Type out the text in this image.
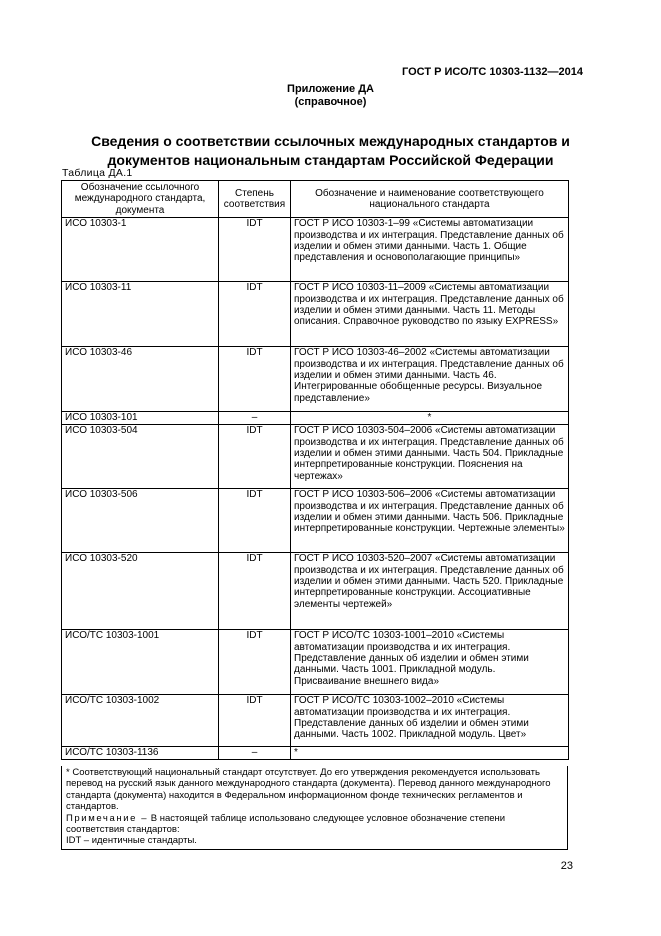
ГОСТ Р ИСО/ТС 10303-1132—2014
Приложение ДА
(справочное)
Сведения о соответствии ссылочных международных стандартов и
документов национальным стандартам Российской Федерации
Таблица ДА.1
Обозначение ссылочного международного стандарта, документа	Степень соответствия	Обозначение и наименование соответствующего национального стандарта
ИСО 10303-1	IDT	ГОСТ Р ИСО 10303-1–99 «Системы автоматизации производства и их интеграция. Представление данных об изделии и обмен этими данными. Часть 1. Общие представления и основополагающие принципы»
ИСО 10303-11	IDT	ГОСТ Р ИСО 10303-11–2009 «Системы автоматизации производства и их интеграция. Представление данных об изделии и обмен этими данными. Часть 11. Методы описания. Справочное руководство по языку EXPRESS»
ИСО 10303-46	IDT	ГОСТ Р ИСО 10303-46–2002 «Системы автоматизации производства и их интеграция. Представление данных об изделии и обмен этими данными. Часть 46. Интегрированные обобщенные ресурсы. Визуальное представление»
ИСО 10303-101	–	*
ИСО 10303-504	IDT	ГОСТ Р ИСО 10303-504–2006 «Системы автоматизации производства и их интеграция. Представление данных об изделии и обмен этими данными. Часть 504. Прикладные интерпретированные конструкции. Пояснения на чертежах»
ИСО 10303-506	IDT	ГОСТ Р ИСО 10303-506–2006 «Системы автоматизации производства и их интеграция. Представление данных об изделии и обмен этими данными. Часть 506. Прикладные интерпретированные конструкции. Чертежные элементы»
ИСО 10303-520	IDT	ГОСТ Р ИСО 10303-520–2007 «Системы автоматизации производства и их интеграция. Представление данных об изделии и обмен этими данными. Часть 520. Прикладные интерпретированные конструкции. Ассоциативные элементы чертежей»
ИСО/ТС 10303-1001	IDT	ГОСТ Р ИСО/ТС 10303-1001–2010 «Системы автоматизации производства и их интеграция. Представление данных об изделии и обмен этими данными. Часть 1001. Прикладной модуль. Присваивание внешнего вида»
ИСО/ТС 10303-1002	IDT	ГОСТ Р ИСО/ТС 10303-1002–2010 «Системы автоматизации производства и их интеграция. Представление данных об изделии и обмен этими данными. Часть 1002. Прикладной модуль. Цвет»
ИСО/ТС 10303-1136	–	*

* Соответствующий национальный стандарт отсутствует. До его утверждения рекомендуется использовать перевод на русский язык данного международного стандарта (документа). Перевод данного международного стандарта (документа) находится в Федеральном информационном фонде технических регламентов и стандартов.

Примечание – В настоящей таблице использовано следующее условное обозначение степени соответствия стандартов:

IDT – идентичные стандарты.

23
